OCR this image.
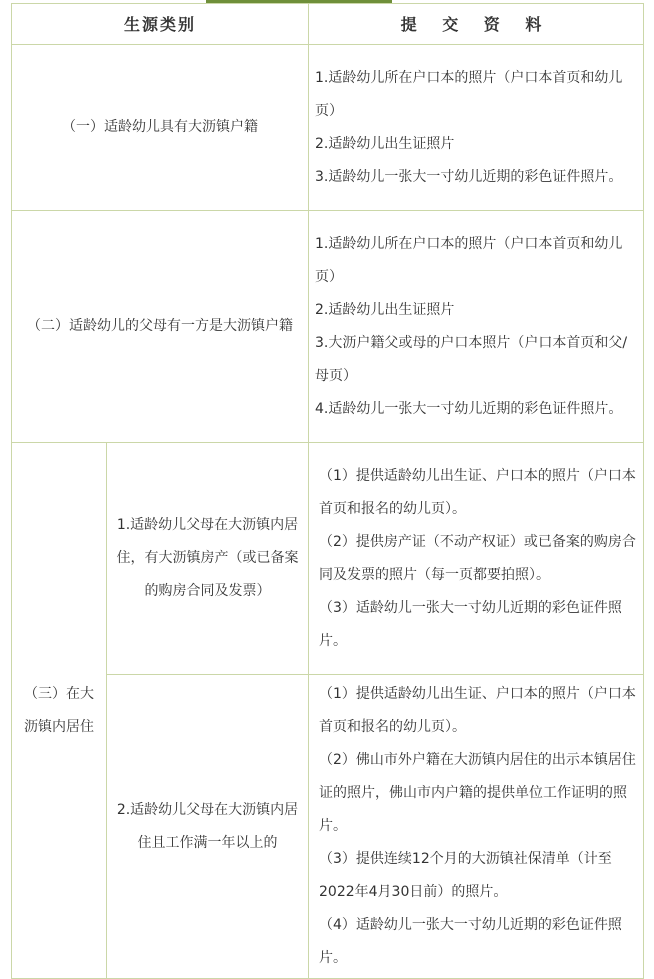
生源类别		提 交 资 料
（一）适龄幼儿具有大沥镇户籍		1.适龄幼儿所在户口本的照片（户口本首页和幼儿页）

2.适龄幼儿出生证照片

3.适龄幼儿一张大一寸幼儿近期的彩色证件照片。

（二）适龄幼儿的父母有一方是大沥镇户籍		1.适龄幼儿所在户口本的照片（户口本首页和幼儿页）

2.适龄幼儿出生证照片

3.大沥户籍父或母的户口本照片（户口本首页和父/母页）

4.适龄幼儿一张大一寸幼儿近期的彩色证件照片。

（三）在大沥镇内居住	1.适龄幼儿父母在大沥镇内居住，有大沥镇房产（或已备案的购房合同及发票）	（1）提供适龄幼儿出生证、户口本的照片（户口本首页和报名的幼儿页）。

（2）提供房产证（不动产权证）或已备案的购房合同及发票的照片（每一页都要拍照）。

（3）适龄幼儿一张大一寸幼儿近期的彩色证件照片。

	2.适龄幼儿父母在大沥镇内居住且工作满一年以上的	（1）提供适龄幼儿出生证、户口本的照片（户口本首页和报名的幼儿页）。

（2）佛山市外户籍在大沥镇内居住的出示本镇居住证的照片，佛山市内户籍的提供单位工作证明的照片。

（3）提供连续12个月的大沥镇社保清单（计至2022年4月30日前）的照片。

（4）适龄幼儿一张大一寸幼儿近期的彩色证件照片。
